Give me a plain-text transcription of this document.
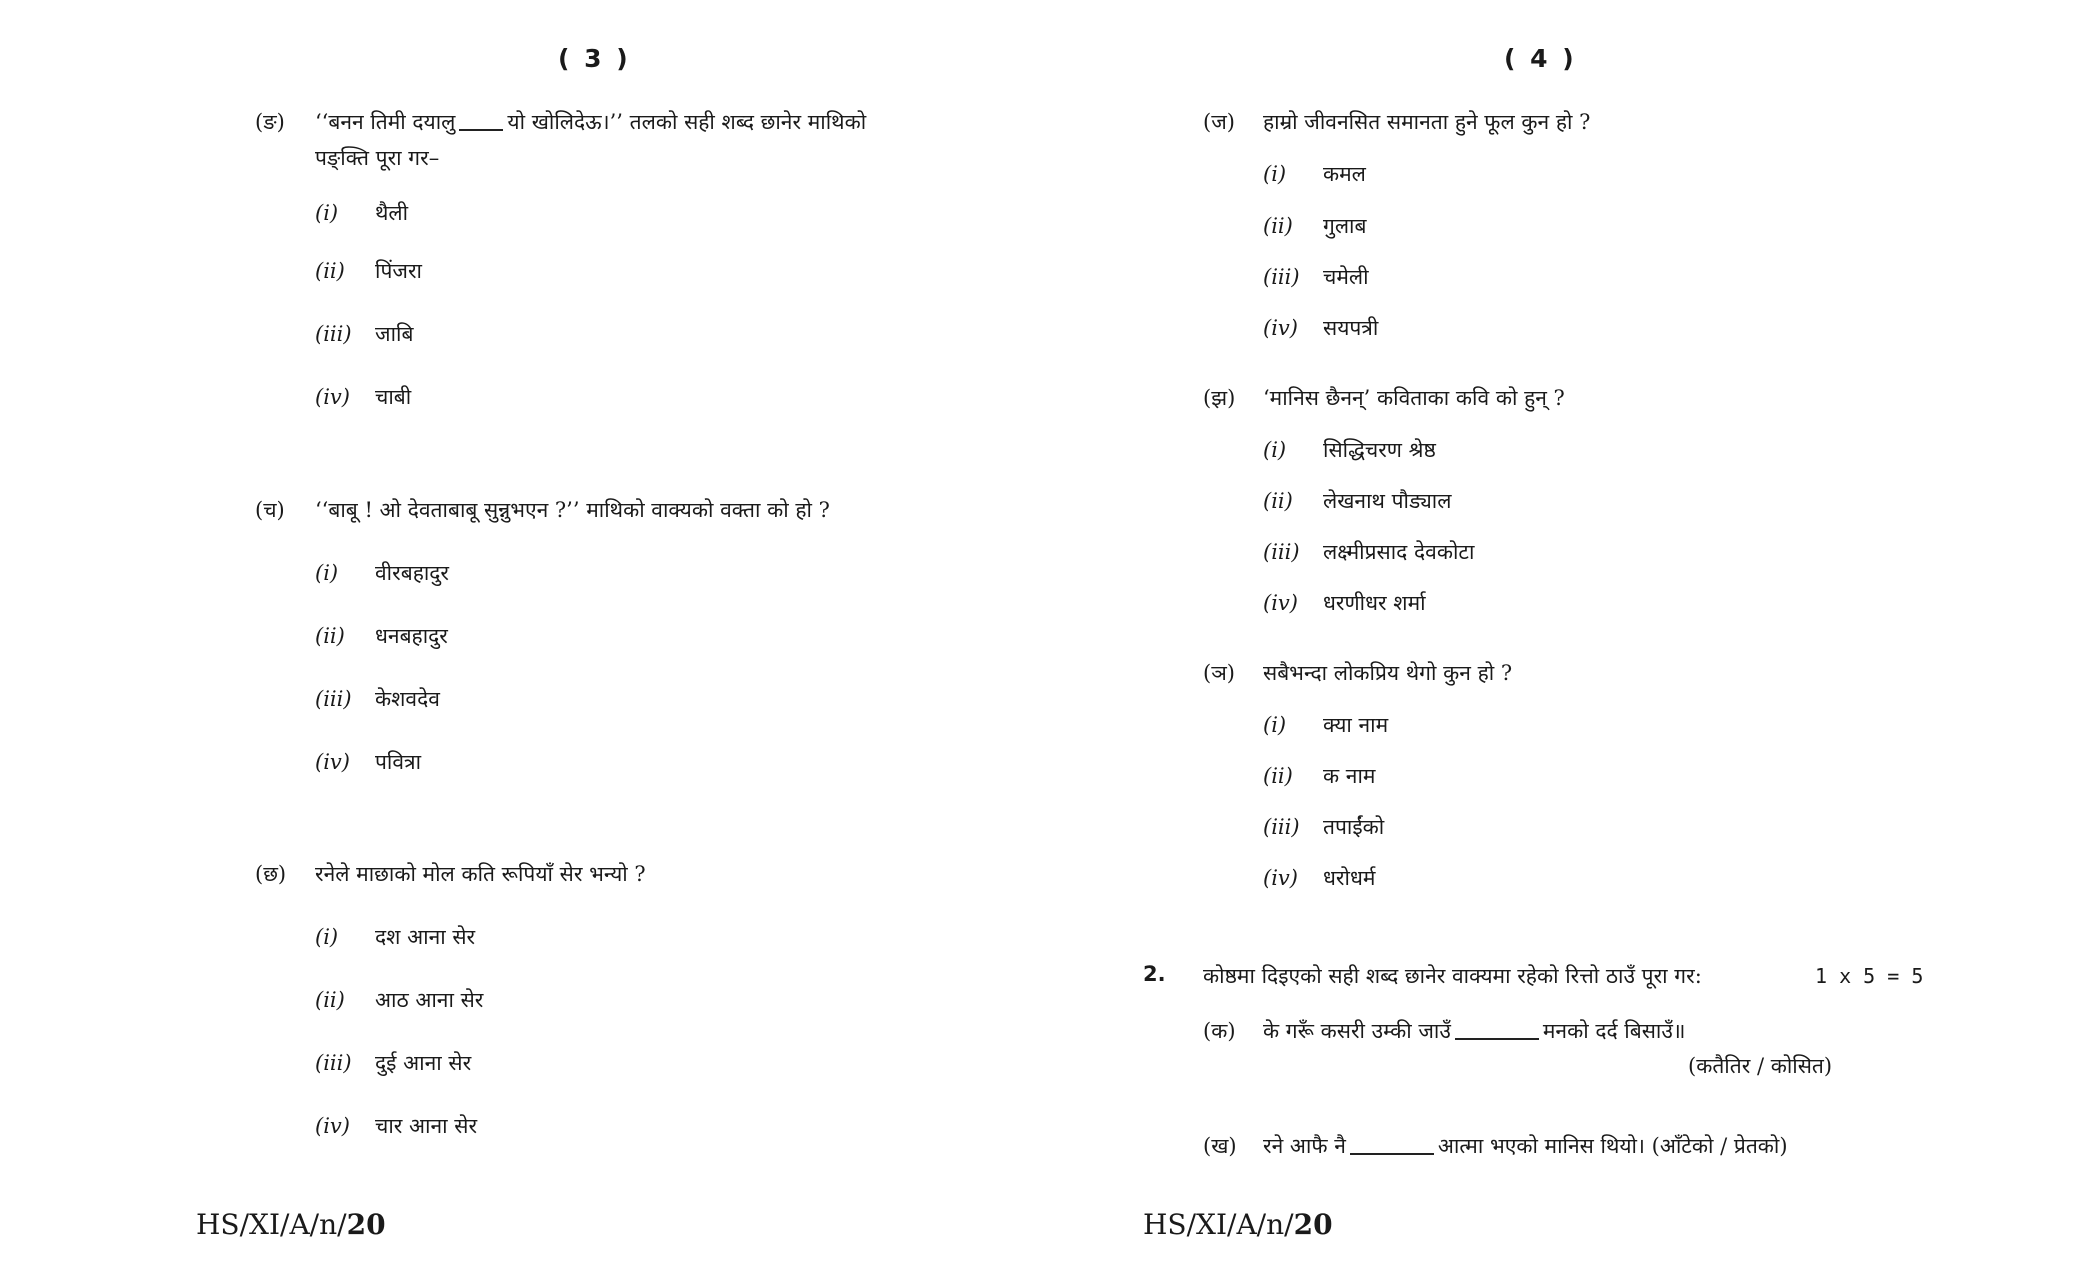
( 3 )
(ङ)	‘‘बनन तिमी दयालु यो खोलिदेऊ।’’ तलको सही शब्द छानेर माथिको
पङ्क्ति पूरा गर–
(i)	थैली
(ii)	पिंजरा
(iii)	जाबि
(iv)	चाबी
(च)	‘‘बाबू ! ओ देवताबाबू सुन्नुभएन ?’’ माथिको वाक्यको वक्ता को हो ?
(i)	वीरबहादुर
(ii)	धनबहादुर
(iii)	केशवदेव
(iv)	पवित्रा
(छ)	रनेले माछाको मोल कति रूपियाँ सेर भन्यो ?
(i)	दश आना सेर
(ii)	आठ आना सेर
(iii)	दुई आना सेर
(iv)	चार आना सेर
HS/XI/A/n/20
( 4 )
(ज)	हाम्रो जीवनसित समानता हुने फूल कुन हो ?
(i)	कमल
(ii)	गुलाब
(iii)	चमेली
(iv)	सयपत्री
(झ)	‘मानिस छैनन्’ कविताका कवि को हुन् ?
(i)	सिद्धिचरण श्रेष्ठ
(ii)	लेखनाथ पौड्याल
(iii)	लक्ष्मीप्रसाद देवकोटा
(iv)	धरणीधर शर्मा
(ञ)	सबैभन्दा लोकप्रिय थेगो कुन हो ?
(i)	क्या नाम
(ii)	क नाम
(iii)	तपाईंको
(iv)	धरोधर्म
2. कोष्ठमा दिइएको सही शब्द छानेर वाक्यमा रहेको रित्तो ठाउँ पूरा गर:	1 x 5 = 5
(क)	के गरूँ कसरी उम्की जाउँ	मनको दर्द बिसाउँ॥
(कतैतिर / कोसित)
(ख)	रने आफै नै	आत्मा भएको मानिस थियो। (आँटेको / प्रेतको)
HS/XI/A/n/20
